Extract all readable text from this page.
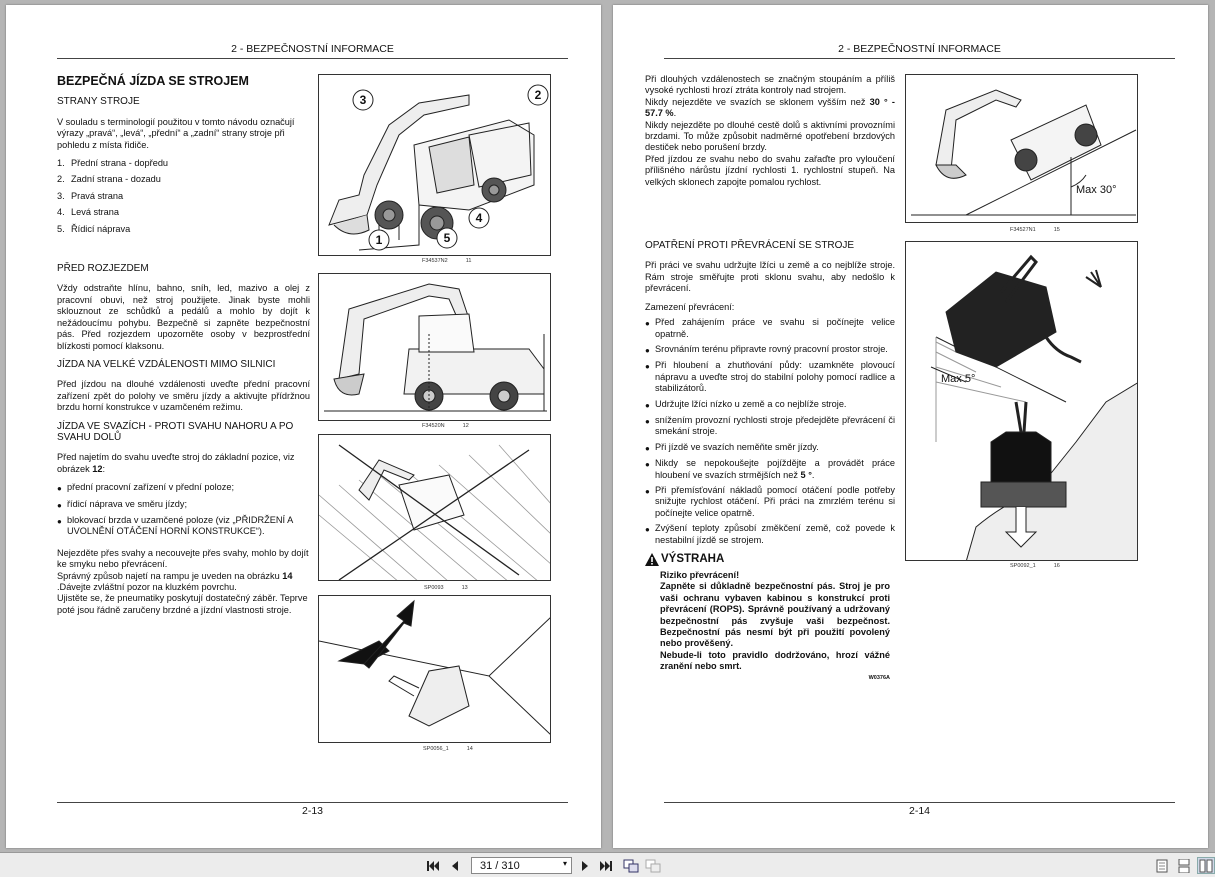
2 - BEZPEČNOSTNÍ INFORMACE
BEZPEČNÁ JÍZDA SE STROJEM
STRANY STROJE

V souladu s terminologií použitou v tomto návodu označují výrazy „pravá“, „levá“, „přední“ a „zadní“ strany stroje při pohledu z místa řidiče.

1. Přední strana - dopředu
2. Zadní strana - dozadu
3. Pravá strana
4. Levá strana
5. Řídicí náprava
PŘED ROZJEZDEM

Vždy odstraňte hlínu, bahno, sníh, led, mazivo a olej z pracovní obuvi, než stroj použijete. Jinak byste mohli sklouznout ze schůdků a pedálů a mohlo by dojít k nežádoucímu pohybu. Bezpečně si zapněte bezpečnostní pás. Před rozjezdem upozorněte osoby v bezprostřední blízkosti pomocí klaksonu.

JÍZDA NA VELKÉ VZDÁLENOSTI MIMO SILNICI

Před jízdou na dlouhé vzdálenosti uveďte přední pracovní zařízení zpět do polohy ve směru jízdy a aktivujte přídržnou brzdu horní konstrukce v uzamčeném režimu.

JÍZDA VE SVAZÍCH - PROTI SVAHU NAHORU A PO SVAHU DOLŮ

Před najetím do svahu uveďte stroj do základní pozice, viz obrázek 12:

● přední pracovní zařízení v přední poloze;
● řídicí náprava ve směru jízdy;
● blokovací brzda v uzamčené poloze (viz „PŘIDRŽENÍ A UVOLNĚNÍ OTÁČENÍ HORNÍ KONSTRUKCE“).
Nejezděte přes svahy a necouvejte přes svahy, mohlo by dojít ke smyku nebo převrácení.
Správný způsob najetí na rampu je uveden na obrázku 14 .Dávejte zvláštní pozor na kluzkém povrchu.
Ujistěte se, že pneumatiky poskytují dostatečný záběr. Teprve poté jsou řádně zaručeny brzdné a jízdní vlastnosti stroje.
3	2
1
4
5
F34537N2	11
F34520N	12
SP0093	13
SP0056_1	14
2-13
2 - BEZPEČNOSTNÍ INFORMACE
Při dlouhých vzdálenostech se značným stoupáním a příliš vysoké rychlosti hrozí ztráta kontroly nad strojem.
Nikdy nejezděte ve svazích se sklonem vyšším než 30 ° - 57.7 %.
Nikdy nejezděte po dlouhé cestě dolů s aktivními provozními brzdami. To může způsobit nadměrné opotřebení brzdových destiček nebo porušení brzdy.
Před jízdou ze svahu nebo do svahu zařaďte pro vyloučení přílišného nárůstu jízdní rychlosti 1. rychlostní stupeň. Na velkých sklonech zapojte pomalou rychlost.
OPATŘENÍ PROTI PŘEVRÁCENÍ SE STROJE

Při práci ve svahu udržujte lžíci u země a co nejblíže stroje. Rám stroje směřujte proti sklonu svahu, aby nedošlo k převrácení.

Zamezení převrácení:

● Před zahájením práce ve svahu si počínejte velice opatrně.
● Srovnáním terénu připravte rovný pracovní prostor stroje.
● Při hloubení a zhutňování půdy: uzamkněte plovoucí nápravu a uveďte stroj do stabilní polohy pomocí radlice a stabilizátorů.
● Udržujte lžíci nízko u země a co nejblíže stroje.
● snížením provozní rychlosti stroje předejděte převrácení či smekání stroje.
● Při jízdě ve svazích neměňte směr jízdy.
● Nikdy se nepokoušejte pojíždějte a provádět práce hloubení ve svazích strmějších než 5 °.
● Při přemísťování nákladů pomocí otáčení podle potřeby snižujte rychlost otáčení. Při práci na zmrzlém terénu si počínejte velice opatrně.
● Zvýšení teploty způsobí změkčení země, což povede k nestabilní jízdě se strojem.
VÝSTRAHA
Riziko převrácení!
Zapněte si důkladně bezpečnostní pás. Stroj je pro vaši ochranu vybaven kabinou s konstrukcí proti převrácení (ROPS). Správně používaný a udržovaný bezpečnostní pás zvyšuje vaši bezpečnost. Bezpečnostní pás nesmí být při použití povolený nebo prověšený.
Nebude-li toto pravidlo dodržováno, hrozí vážné zranění nebo smrt.
W0376A
Max 30°
F34527N1	15
Max 5°
SP0092_1	16
2-14
31 / 310	▾
